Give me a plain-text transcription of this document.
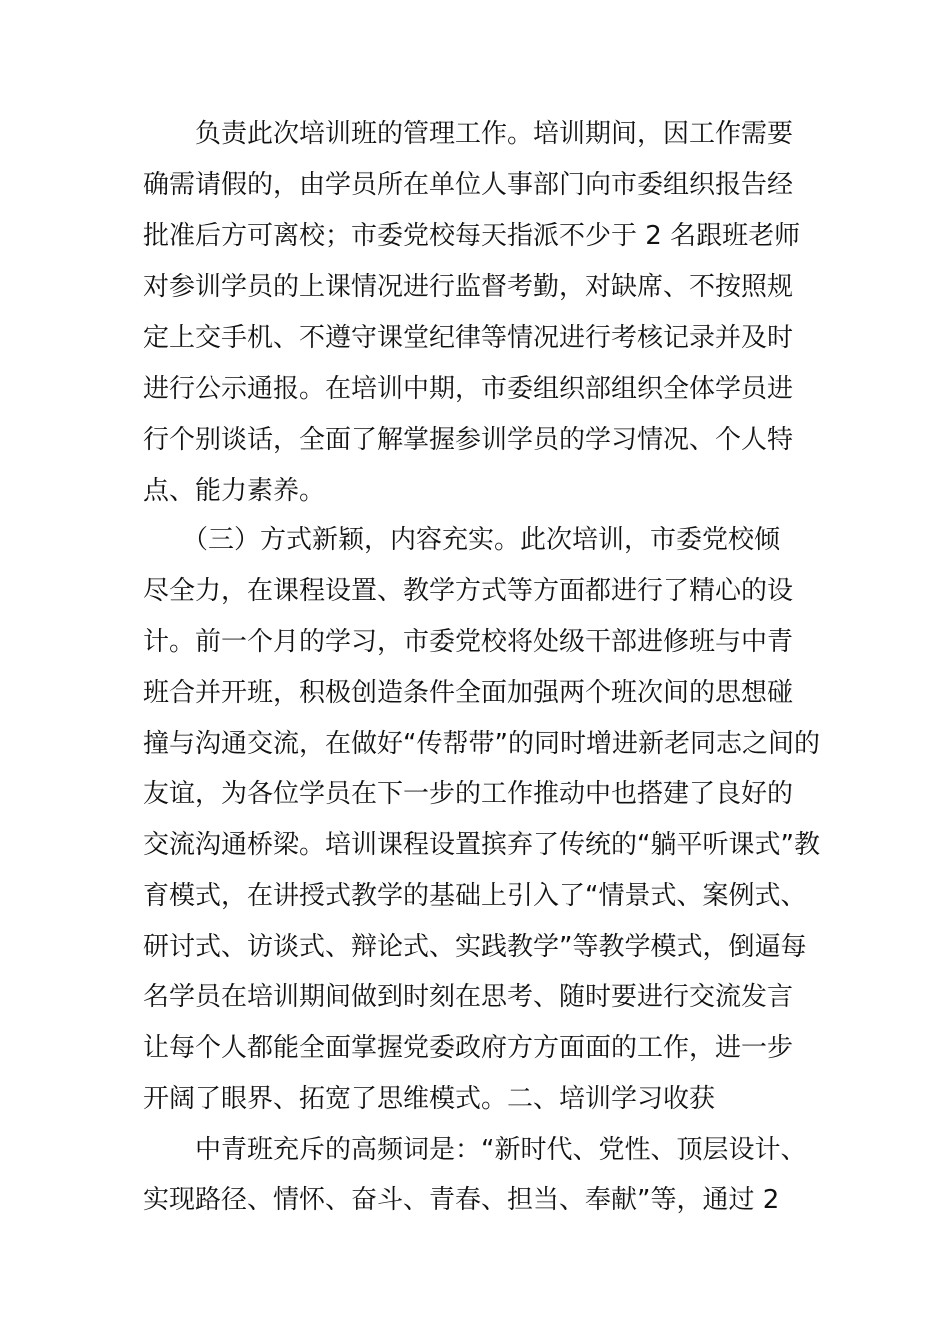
　　负责此次培训班的管理工作。培训期间，因工作需要
确需请假的，由学员所在单位人事部门向市委组织报告经
批准后方可离校；市委党校每天指派不少于 2 名跟班老师
对参训学员的上课情况进行监督考勤，对缺席、不按照规
定上交手机、不遵守课堂纪律等情况进行考核记录并及时
进行公示通报。在培训中期，市委组织部组织全体学员进
行个别谈话，全面了解掌握参训学员的学习情况、个人特
点、能力素养。
　　（三）方式新颖，内容充实。此次培训，市委党校倾
尽全力，在课程设置、教学方式等方面都进行了精心的设
计。前一个月的学习，市委党校将处级干部进修班与中青
班合并开班，积极创造条件全面加强两个班次间的思想碰
撞与沟通交流，在做好“传帮带”的同时增进新老同志之间的
友谊，为各位学员在下一步的工作推动中也搭建了良好的
交流沟通桥梁。培训课程设置摈弃了传统的“躺平听课式”教
育模式，在讲授式教学的基础上引入了“情景式、案例式、
研讨式、访谈式、辩论式、实践教学”等教学模式，倒逼每
名学员在培训期间做到时刻在思考、随时要进行交流发言
让每个人都能全面掌握党委政府方方面面的工作，进一步
开阔了眼界、拓宽了思维模式。二、培训学习收获
　　中青班充斥的高频词是：“新时代、党性、顶层设计、
实现路径、情怀、奋斗、青春、担当、奉献”等，通过 2
